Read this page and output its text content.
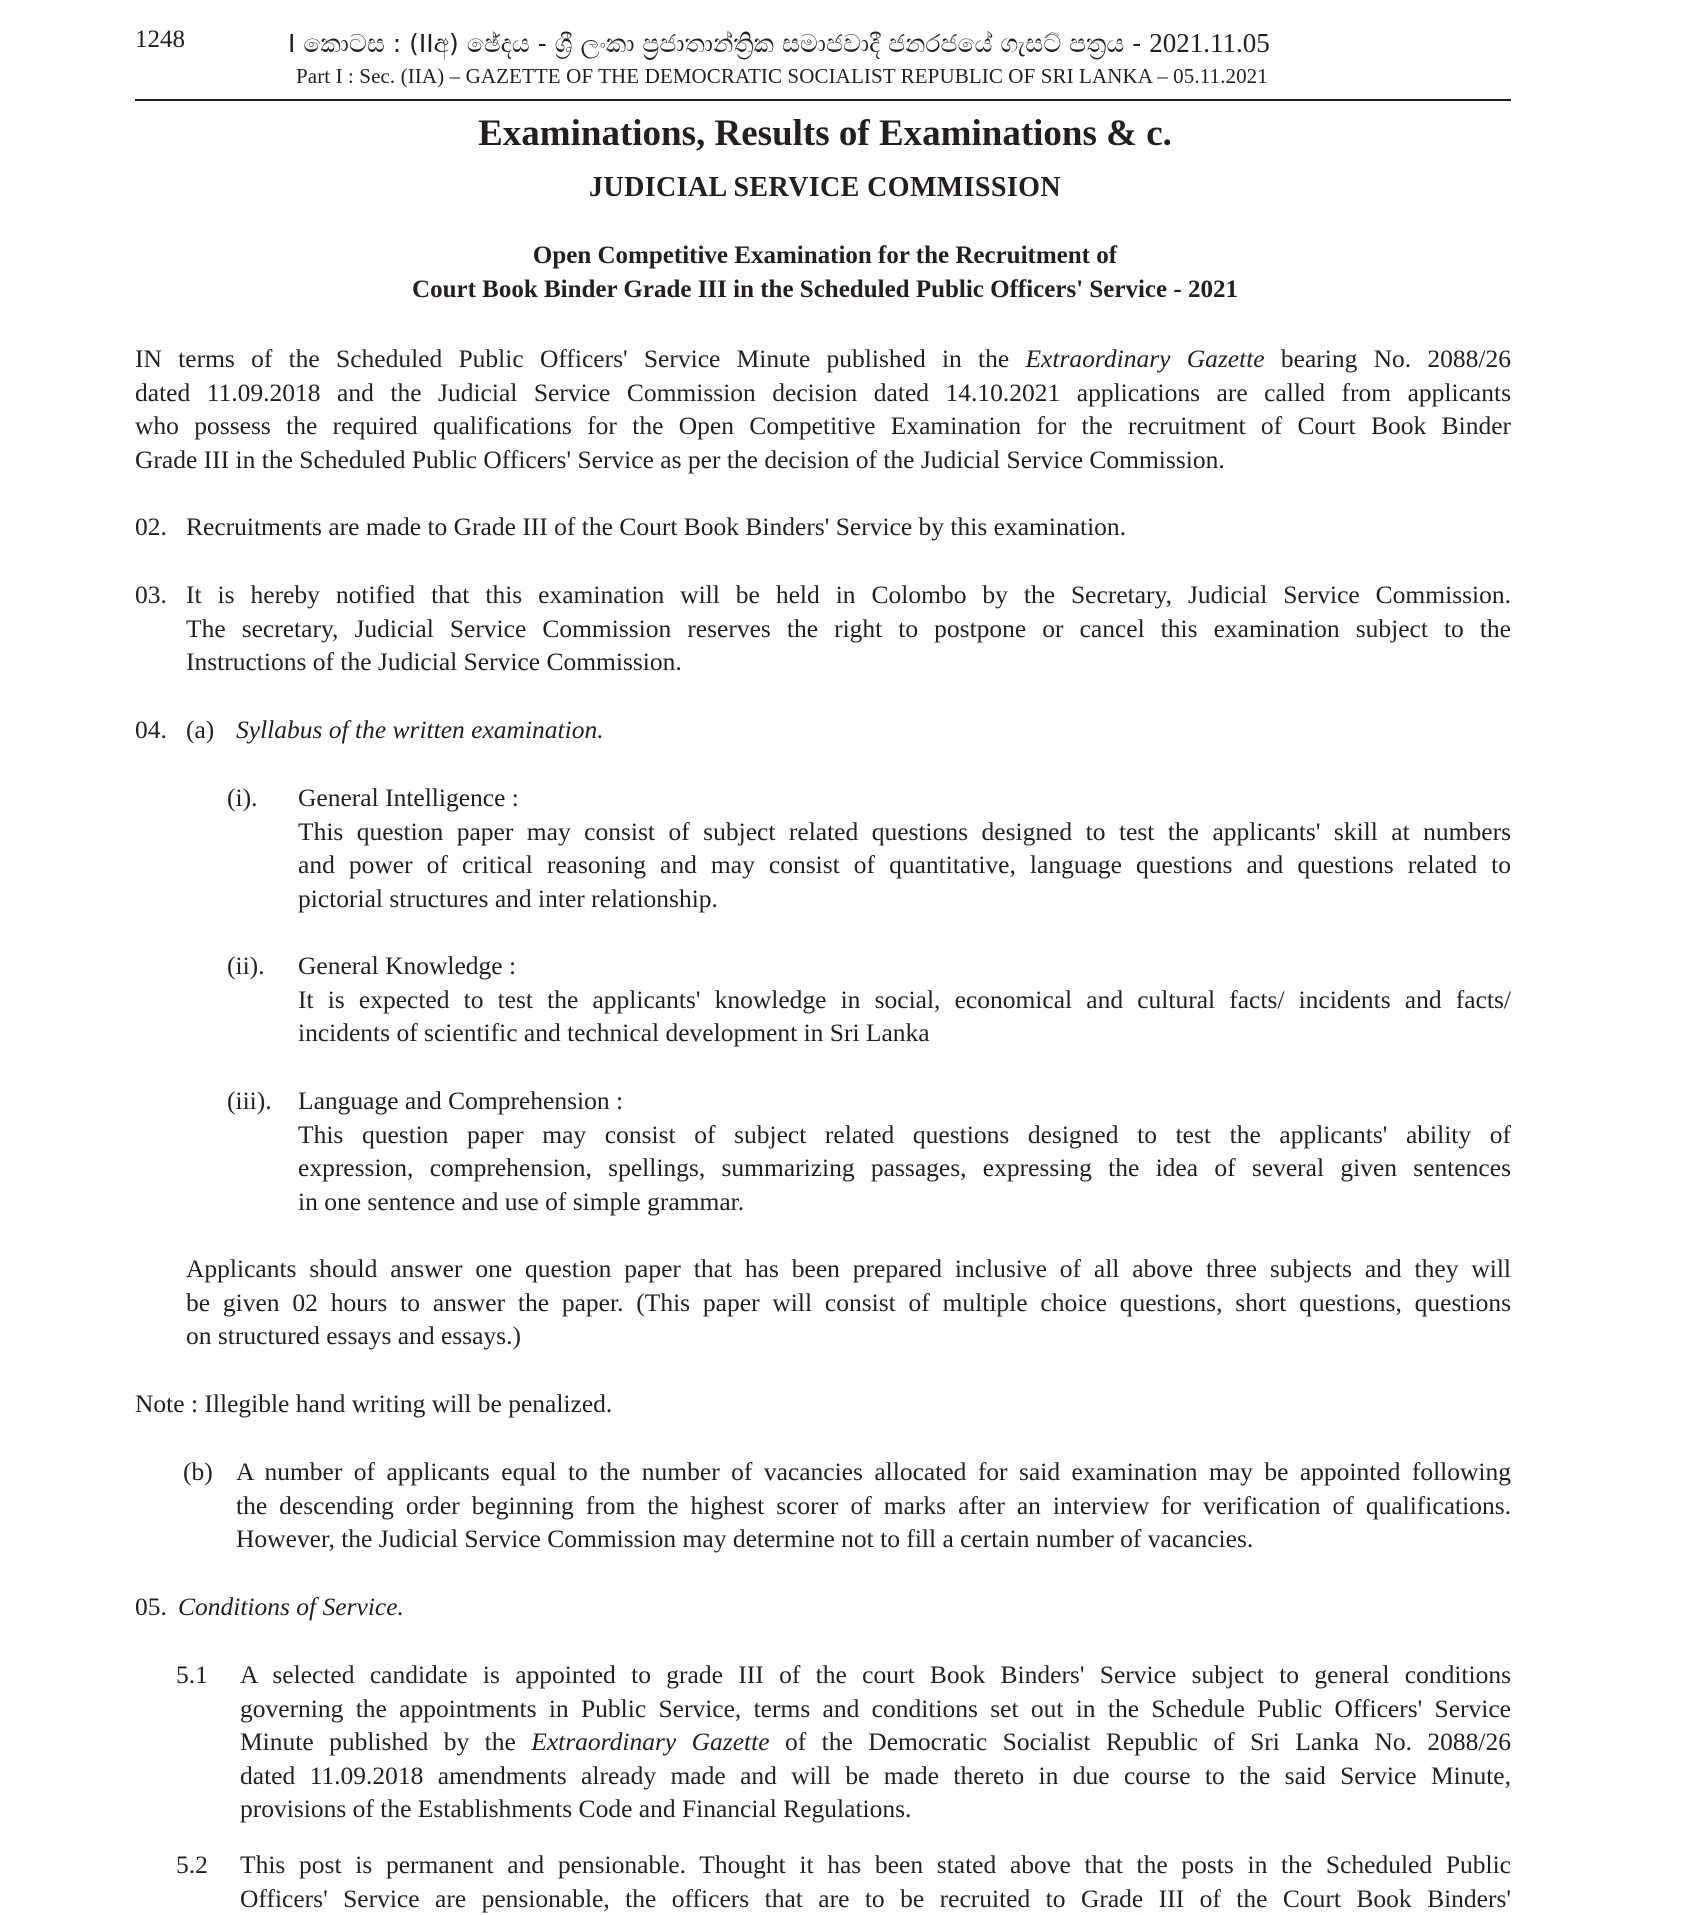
1248	I කොටස : (IIඅ) ඡේදය - ශ්‍රී ලංකා ප්‍රජාතාන්ත්‍රික සමාජවාදී ජනරජයේ ගැසට් පත්‍රය - 2021.11.05
Part I : Sec. (IIA) – GAZETTE OF THE DEMOCRATIC SOCIALIST REPUBLIC OF SRI LANKA – 05.11.2021
Examinations, Results of Examinations & c.
JUDICIAL SERVICE COMMISSION
Open Competitive Examination for the Recruitment of
Court Book Binder Grade III in the Scheduled Public Officers' Service - 2021
IN terms of the Scheduled Public Officers' Service Minute published in the Extraordinary Gazette bearing No. 2088/26
dated 11.09.2018 and the Judicial Service Commission decision dated 14.10.2021 applications are called from applicants
who possess the required qualifications for the Open Competitive Examination for the recruitment of Court Book Binder
Grade III in the Scheduled Public Officers' Service as per the decision of the Judicial Service Commission.
02. Recruitments are made to Grade III of the Court Book Binders' Service by this examination.
03. It is hereby notified that this examination will be held in Colombo by the Secretary, Judicial Service Commission.
The secretary, Judicial Service Commission reserves the right to postpone or cancel this examination subject to the
Instructions of the Judicial Service Commission.
04. (a) Syllabus of the written examination.
(i). General Intelligence :
This question paper may consist of subject related questions designed to test the applicants' skill at numbers
and power of critical reasoning and may consist of quantitative, language questions and questions related to
pictorial structures and inter relationship.
(ii). General Knowledge :
It is expected to test the applicants' knowledge in social, economical and cultural facts/ incidents and facts/
incidents of scientific and technical development in Sri Lanka
(iii). Language and Comprehension :
This question paper may consist of subject related questions designed to test the applicants' ability of
expression, comprehension, spellings, summarizing passages, expressing the idea of several given sentences
in one sentence and use of simple grammar.
Applicants should answer one question paper that has been prepared inclusive of all above three subjects and they will
be given 02 hours to answer the paper. (This paper will consist of multiple choice questions, short questions, questions
on structured essays and essays.)
Note : Illegible hand writing will be penalized.
(b) A number of applicants equal to the number of vacancies allocated for said examination may be appointed following
the descending order beginning from the highest scorer of marks after an interview for verification of qualifications.
However, the Judicial Service Commission may determine not to fill a certain number of vacancies.
05. Conditions of Service.
5.1 A selected candidate is appointed to grade III of the court Book Binders' Service subject to general conditions
governing the appointments in Public Service, terms and conditions set out in the Schedule Public Officers' Service
Minute published by the Extraordinary Gazette of the Democratic Socialist Republic of Sri Lanka No. 2088/26
dated 11.09.2018 amendments already made and will be made thereto in due course to the said Service Minute,
provisions of the Establishments Code and Financial Regulations.
5.2 This post is permanent and pensionable. Thought it has been stated above that the posts in the Scheduled Public
Officers' Service are pensionable, the officers that are to be recruited to Grade III of the Court Book Binders'
